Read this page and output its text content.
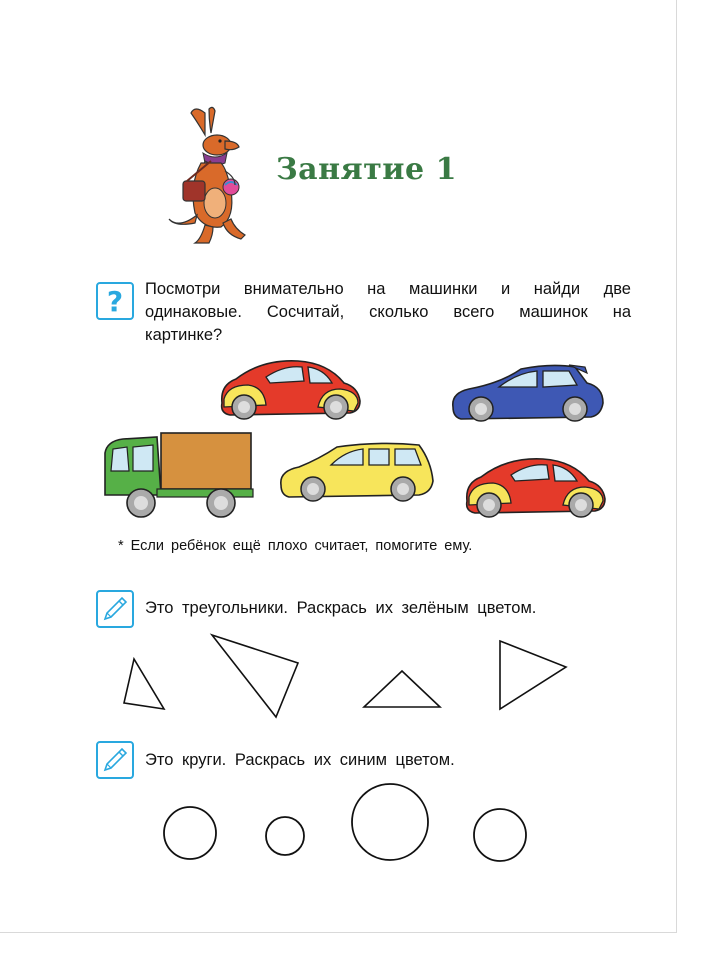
Занятие 1
?	Посмотри внимательно на машинки и найди две одинаковые. Сосчитай, сколько всего машинок на картинке?
* Если ребёнок ещё плохо считает, помогите ему.
Это треугольники. Раскрась их зелёным цветом.
Это круги. Раскрась их синим цветом.
